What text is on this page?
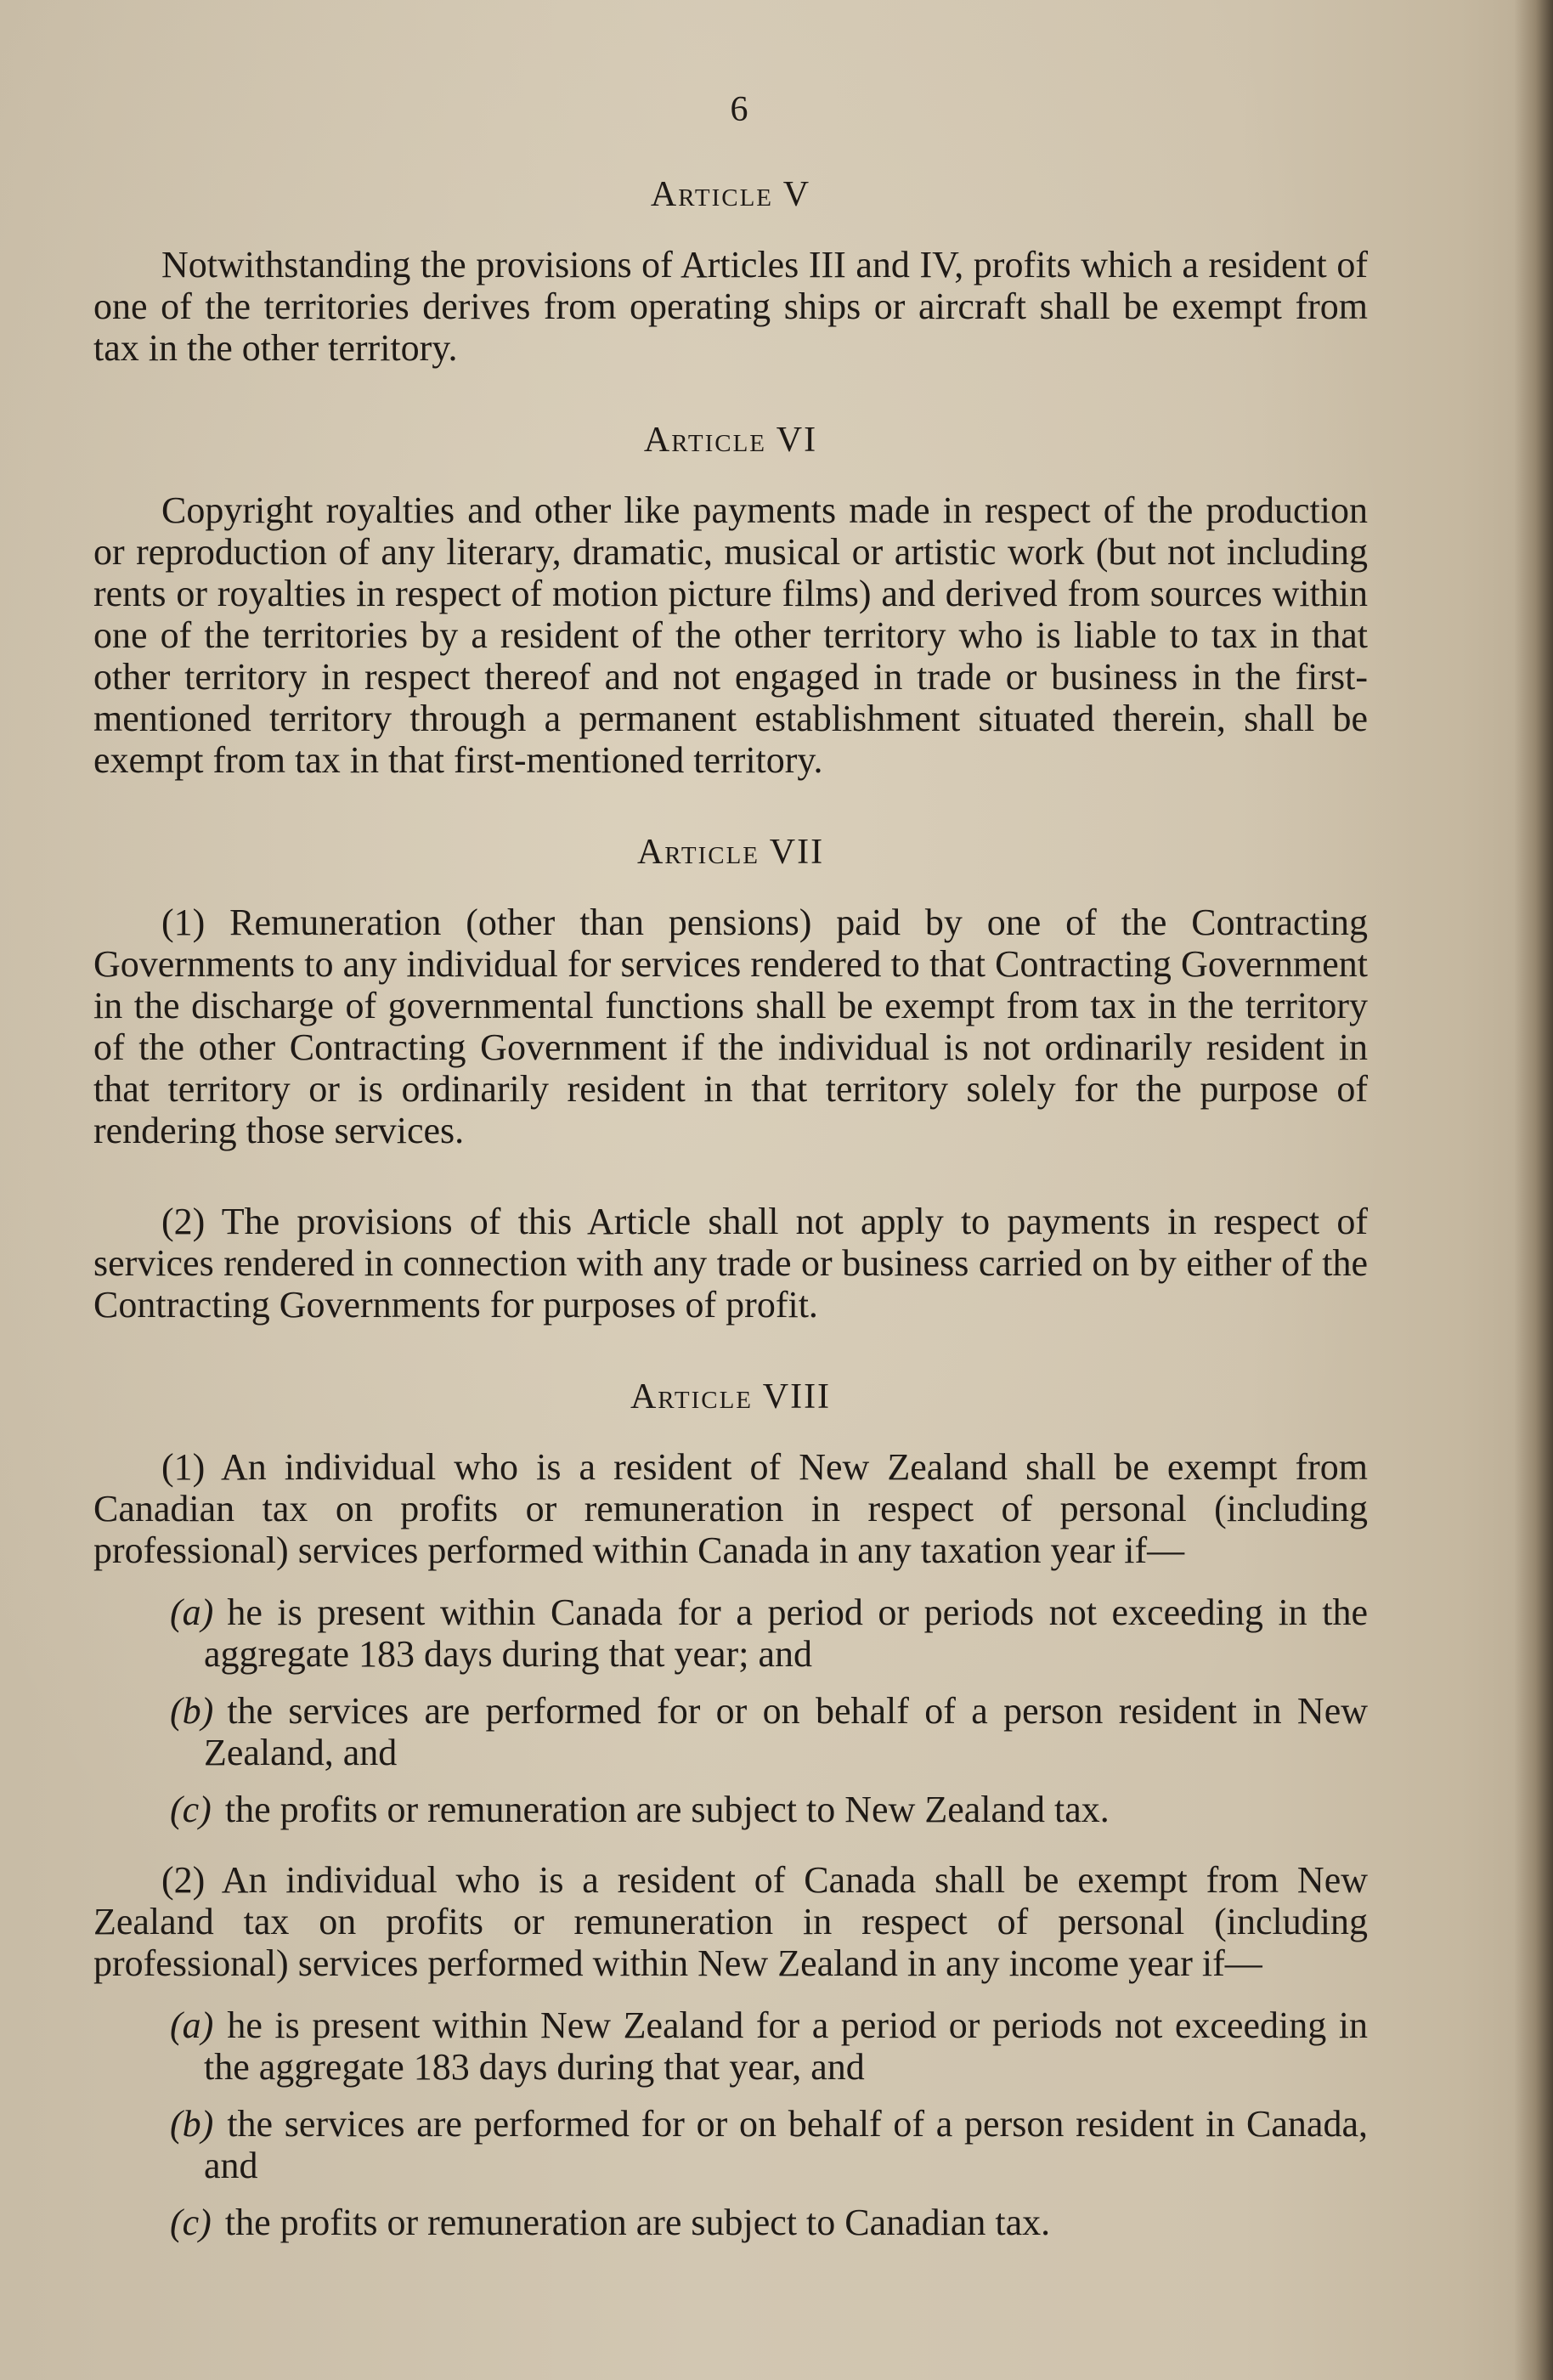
6
Article V

Notwithstanding the provisions of Articles III and IV, profits which a resident of one of the territories derives from operating ships or aircraft shall be exempt from tax in the other territory.

Article VI

Copyright royalties and other like payments made in respect of the production or reproduction of any literary, dramatic, musical or artistic work (but not including rents or royalties in respect of motion picture films) and derived from sources within one of the territories by a resident of the other territory who is liable to tax in that other territory in respect thereof and not engaged in trade or business in the first-mentioned territory through a permanent establishment situated therein, shall be exempt from tax in that first-mentioned territory.

Article VII

(1) Remuneration (other than pensions) paid by one of the Contracting Governments to any individual for services rendered to that Contracting Government in the discharge of governmental functions shall be exempt from tax in the territory of the other Contracting Government if the individual is not ordinarily resident in that territory or is ordinarily resident in that territory solely for the purpose of rendering those services.

(2) The provisions of this Article shall not apply to payments in respect of services rendered in connection with any trade or business carried on by either of the Contracting Governments for purposes of profit.

Article VIII

(1) An individual who is a resident of New Zealand shall be exempt from Canadian tax on profits or remuneration in respect of personal (including professional) services performed within Canada in any taxation year if—

(a) he is present within Canada for a period or periods not exceeding in the aggregate 183 days during that year; and
(b) the services are performed for or on behalf of a person resident in New Zealand, and
(c) the profits or remuneration are subject to New Zealand tax.

(2) An individual who is a resident of Canada shall be exempt from New Zealand tax on profits or remuneration in respect of personal (including professional) services performed within New Zealand in any income year if—

(a) he is present within New Zealand for a period or periods not exceeding in the aggregate 183 days during that year, and
(b) the services are performed for or on behalf of a person resident in Canada, and
(c) the profits or remuneration are subject to Canadian tax.
